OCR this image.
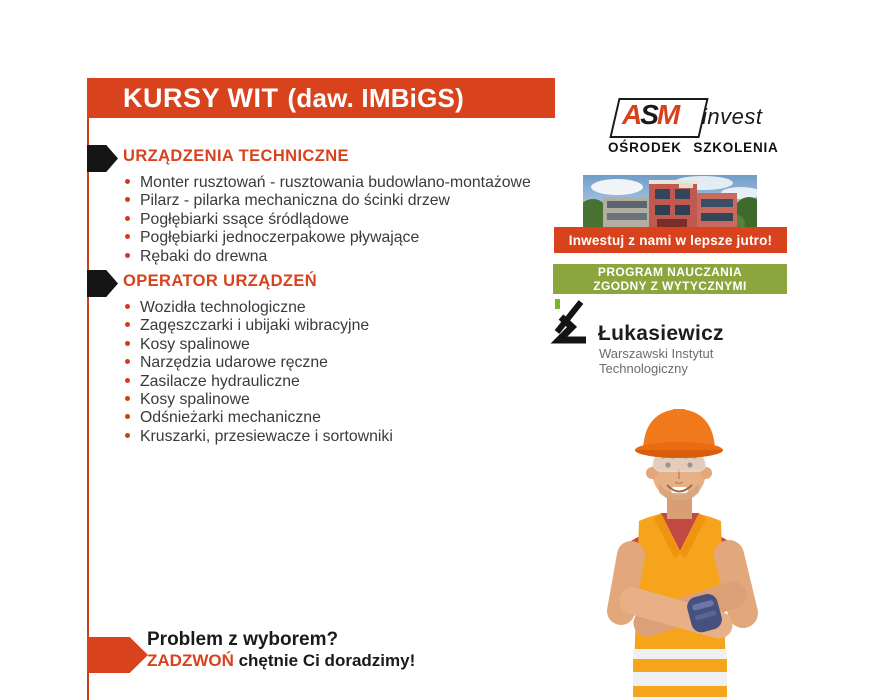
KURSY WIT (daw. IMBiGS)
URZĄDZENIA TECHNICZNE
Monter rusztowań - rusztowania budowlano-montażowe
Pilarz - pilarka mechaniczna do ścinki drzew
Pogłębiarki ssące śródlądowe
Pogłębiarki jednoczerpakowe pływające
Rębaki do drewna
OPERATOR URZĄDZEŃ
Wozidła technologiczne
Zagęszczarki i ubijaki wibracyjne
Kosy spalinowe
Narzędzia udarowe ręczne
Zasilacze hydrauliczne
Kosy spalinowe
Odśnieżarki mechaniczne
Kruszarki, przesiewacze i sortowniki
Problem z wyborem?
ZADZWOŃ chętnie Ci doradzimy!
ASM invest
OŚRODEK SZKOLENIA
Inwestuj z nami w lepsze jutro!
PROGRAM NAUCZANIA
ZGODNY Z WYTYCZNYMI
Łukasiewicz
Warszawski Instytut Technologiczny
